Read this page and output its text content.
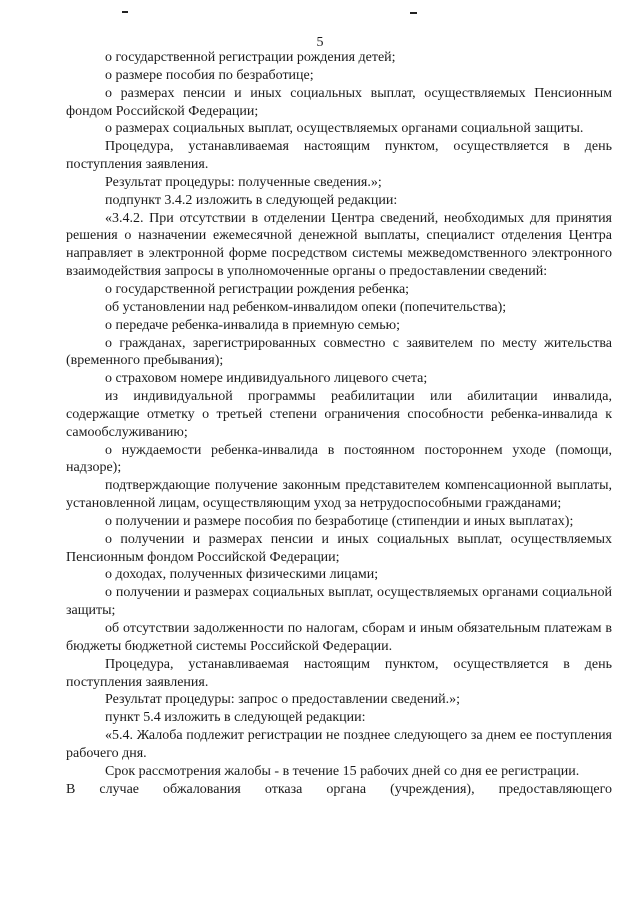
5

о государственной регистрации рождения детей;

о размере пособия по безработице;

о размерах пенсии и иных социальных выплат, осуществляемых Пенсионным фондом Российской Федерации;

о размерах социальных выплат, осуществляемых органами социальной защиты.

Процедура, устанавливаемая настоящим пунктом, осуществляется в день поступления заявления.

Результат процедуры: полученные сведения.»;

подпункт 3.4.2 изложить в следующей редакции:

«3.4.2. При отсутствии в отделении Центра сведений, необходимых для принятия решения о назначении ежемесячной денежной выплаты, специалист отделения Центра направляет в электронной форме посредством системы межведомственного электронного взаимодействия запросы в уполномоченные органы о предоставлении сведений:

о государственной регистрации рождения ребенка;

об установлении над ребенком-инвалидом опеки (попечительства);

о передаче ребенка-инвалида в приемную семью;

о гражданах, зарегистрированных совместно с заявителем по месту жительства (временного пребывания);

о страховом номере индивидуального лицевого счета;

из индивидуальной программы реабилитации или абилитации инвалида, содержащие отметку о третьей степени ограничения способности ребенка-инвалида к самообслуживанию;

о нуждаемости ребенка-инвалида в постоянном постороннем уходе (помощи, надзоре);

подтверждающие получение законным представителем компенсационной выплаты, установленной лицам, осуществляющим уход за нетрудоспособными гражданами;

о получении и размере пособия по безработице (стипендии и иных выплатах);

о получении и размерах пенсии и иных социальных выплат, осуществляемых Пенсионным фондом Российской Федерации;

о доходах, полученных физическими лицами;

о получении и размерах социальных выплат, осуществляемых органами социальной защиты;

об отсутствии задолженности по налогам, сборам и иным обязательным платежам в бюджеты бюджетной системы Российской Федерации.

Процедура, устанавливаемая настоящим пунктом, осуществляется в день поступления заявления.

Результат процедуры: запрос о предоставлении сведений.»;

пункт 5.4 изложить в следующей редакции:

«5.4. Жалоба подлежит регистрации не позднее следующего за днем ее поступления рабочего дня.

Срок рассмотрения жалобы - в течение 15 рабочих дней со дня ее регистрации.

В случае обжалования отказа органа (учреждения), предоставляющего
